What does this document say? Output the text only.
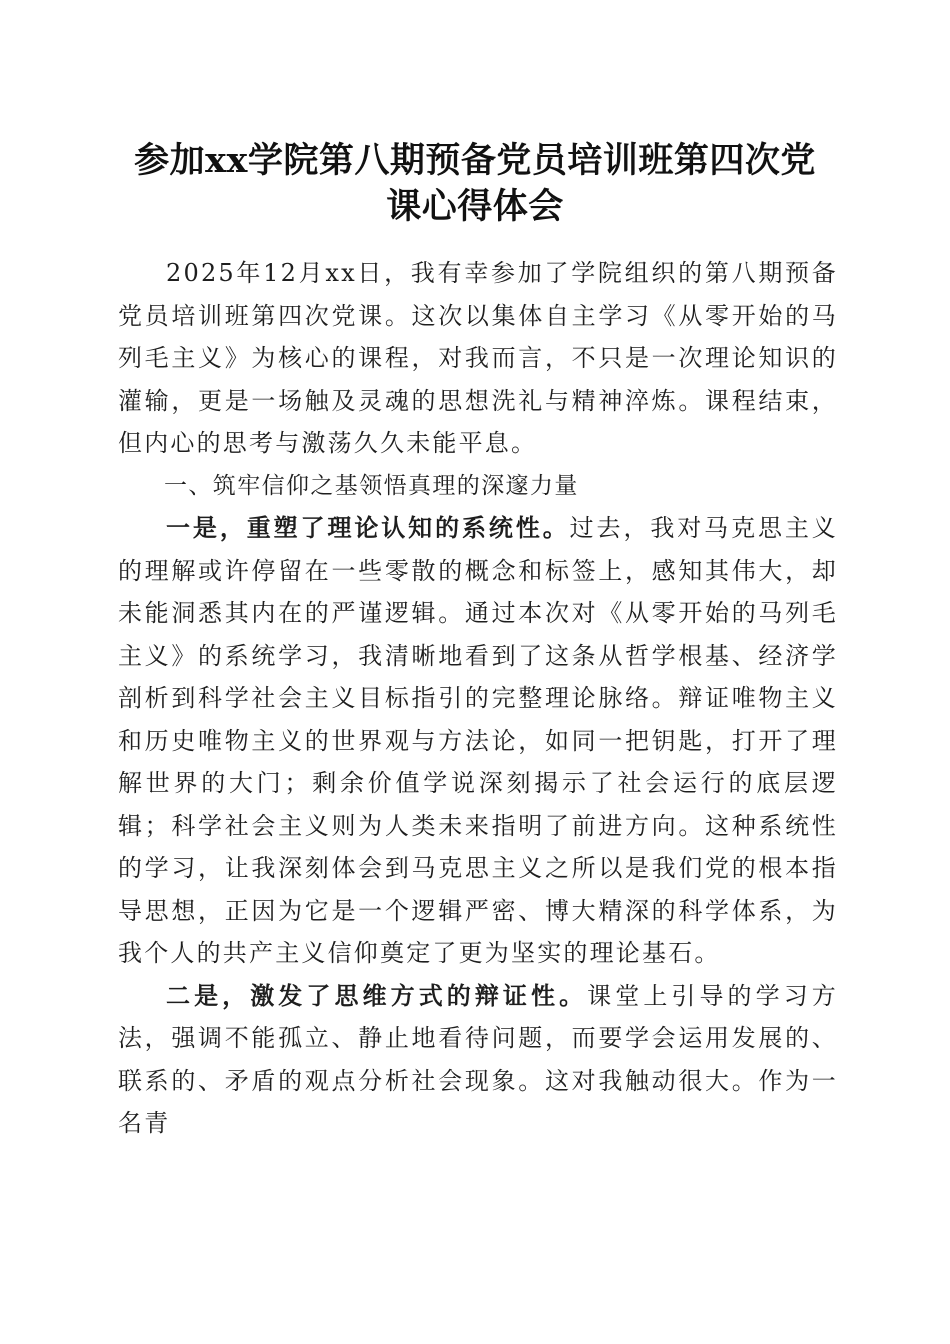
参加xx学院第八期预备党员培训班第四次党
课心得体会

2025年12月xx日，我有幸参加了学院组织的第八期预备党员培训班第四次党课。这次以集体自主学习《从零开始的马列毛主义》为核心的课程，对我而言，不只是一次理论知识的灌输，更是一场触及灵魂的思想洗礼与精神淬炼。课程结束，但内心的思考与激荡久久未能平息。

一、筑牢信仰之基领悟真理的深邃力量

一是，重塑了理论认知的系统性。过去，我对马克思主义的理解或许停留在一些零散的概念和标签上，感知其伟大，却未能洞悉其内在的严谨逻辑。通过本次对《从零开始的马列毛主义》的系统学习，我清晰地看到了这条从哲学根基、经济学剖析到科学社会主义目标指引的完整理论脉络。辩证唯物主义和历史唯物主义的世界观与方法论，如同一把钥匙，打开了理解世界的大门；剩余价值学说深刻揭示了社会运行的底层逻辑；科学社会主义则为人类未来指明了前进方向。这种系统性的学习，让我深刻体会到马克思主义之所以是我们党的根本指导思想，正因为它是一个逻辑严密、博大精深的科学体系，为我个人的共产主义信仰奠定了更为坚实的理论基石。

二是，激发了思维方式的辩证性。课堂上引导的学习方法，强调不能孤立、静止地看待问题，而要学会运用发展的、联系的、矛盾的观点分析社会现象。这对我触动很大。作为一名青
